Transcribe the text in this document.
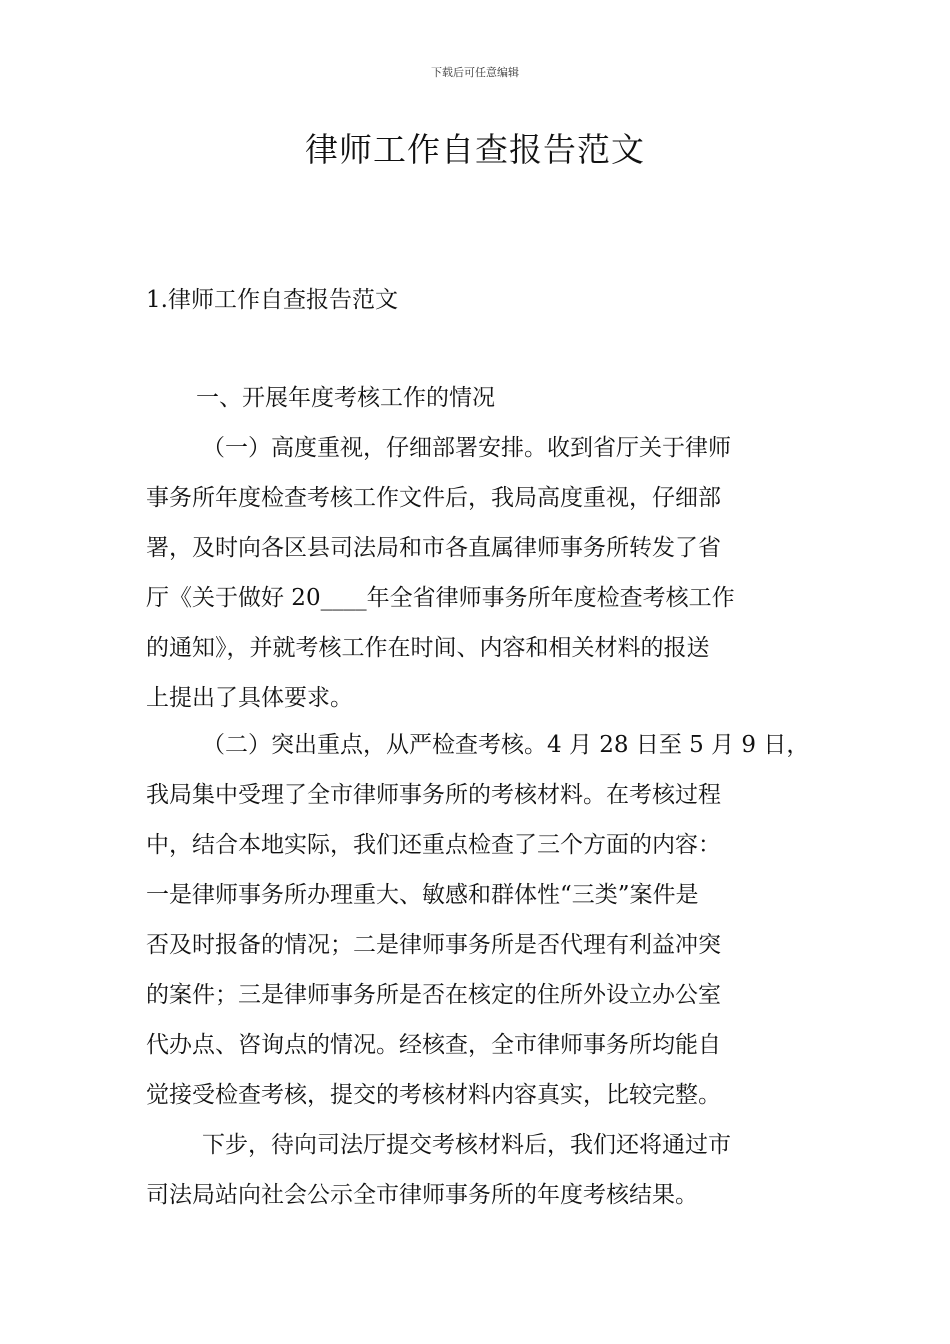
下载后可任意编辑
律师工作自查报告范文
1.律师工作自查报告范文
一、开展年度考核工作的情况
（一）高度重视，仔细部署安排。收到省厅关于律师
事务所年度检查考核工作文件后，我局高度重视，仔细部
署，及时向各区县司法局和市各直属律师事务所转发了省
厅《关于做好 20____年全省律师事务所年度检查考核工作
的通知》，并就考核工作在时间、内容和相关材料的报送
上提出了具体要求。
（二）突出重点，从严检查考核。4 月 28 日至 5 月 9 日，
我局集中受理了全市律师事务所的考核材料。在考核过程
中，结合本地实际，我们还重点检查了三个方面的内容：
一是律师事务所办理重大、敏感和群体性“三类”案件是
否及时报备的情况；二是律师事务所是否代理有利益冲突
的案件；三是律师事务所是否在核定的住所外设立办公室
代办点、咨询点的情况。经核查，全市律师事务所均能自
觉接受检查考核，提交的考核材料内容真实，比较完整。
下步，待向司法厅提交考核材料后，我们还将通过市
司法局站向社会公示全市律师事务所的年度考核结果。
